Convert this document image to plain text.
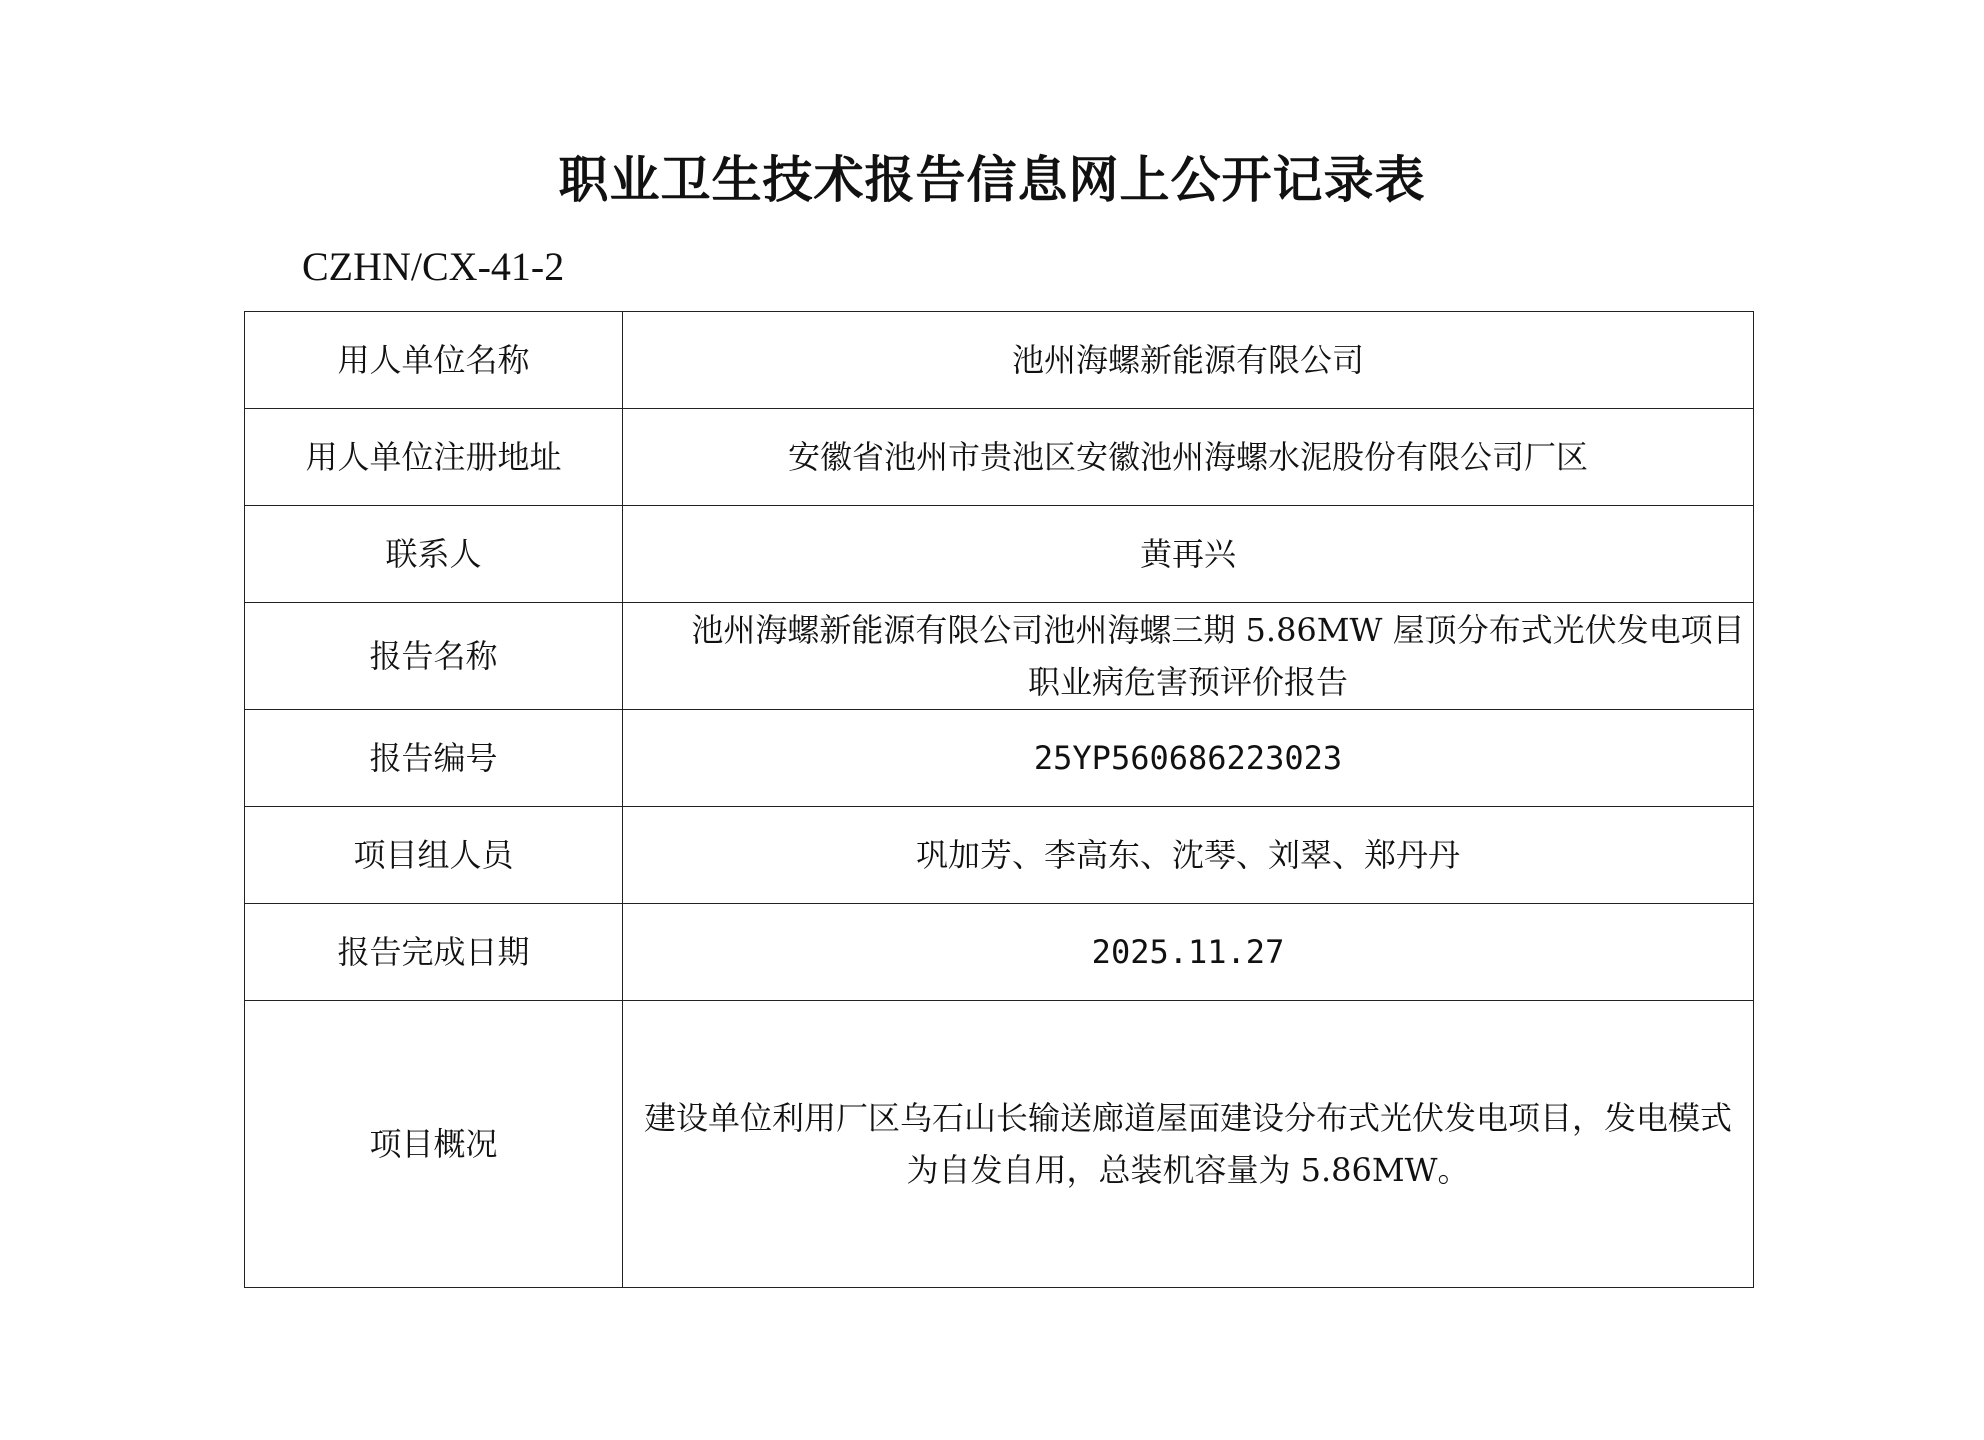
职业卫生技术报告信息网上公开记录表
CZHN/CX-41-2
用人单位名称	池州海螺新能源有限公司
用人单位注册地址	安徽省池州市贵池区安徽池州海螺水泥股份有限公司厂区
联系人	黄再兴
报告名称	池州海螺新能源有限公司池州海螺三期 5.86MW 屋顶分布式光伏发电项目职业病危害预评价报告
报告编号	25YP560686223023
项目组人员	巩加芳、李高东、沈琴、刘翠、郑丹丹
报告完成日期	2025.11.27
项目概况	建设单位利用厂区乌石山长输送廊道屋面建设分布式光伏发电项目，发电模式为自发自用，总装机容量为 5.86MW。
